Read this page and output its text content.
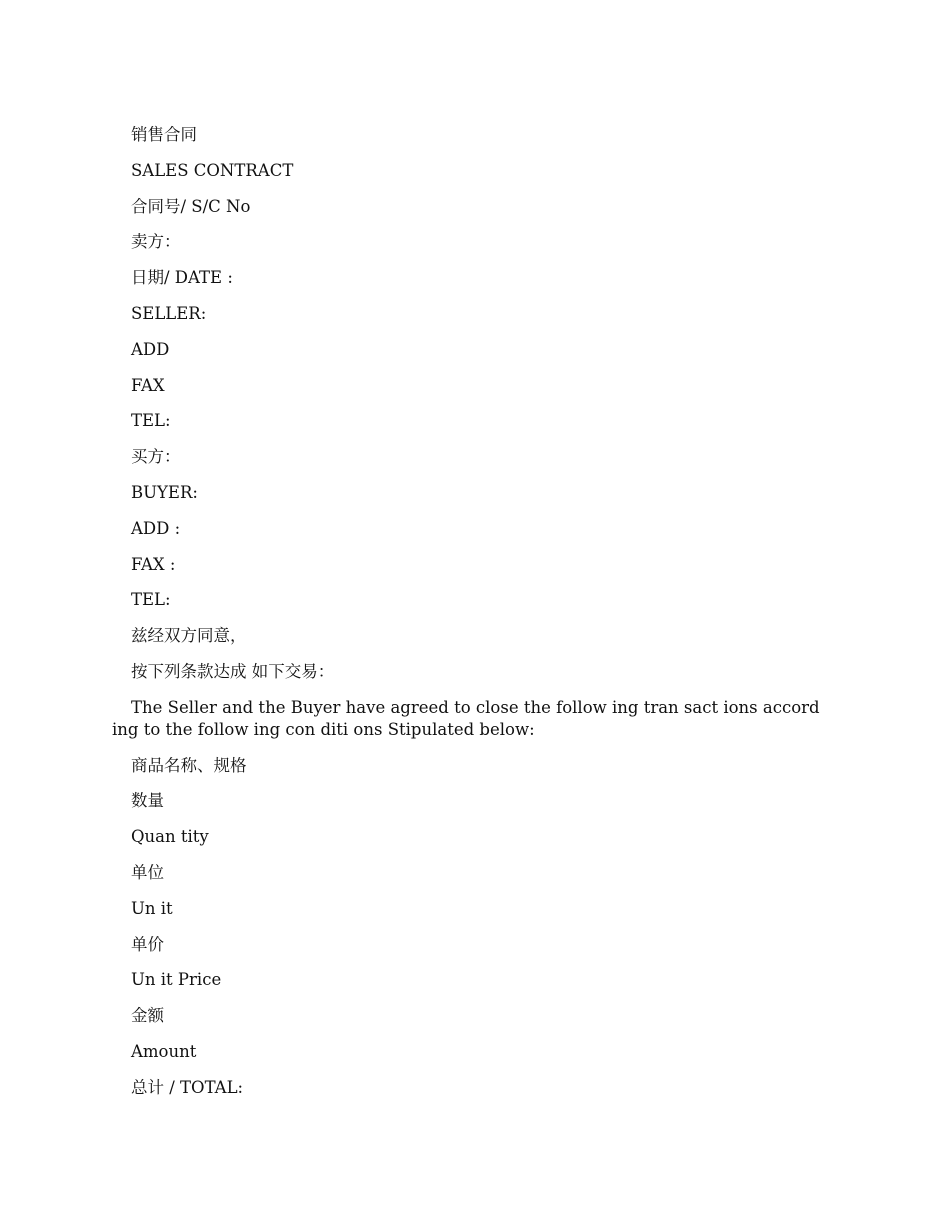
销售合同
SALES CONTRACT
合同号/ S/C No
卖方：
日期/ DATE :
SELLER:
ADD
FAX
TEL:
买方：
BUYER:
ADD :
FAX :
TEL:
兹经双方同意，
按下列条款达成 如下交易：
The Seller and the Buyer have agreed to close the follow ing tran sact ions accord ing to the follow ing con diti ons Stipulated below:
商品名称、规格
数量
Quan tity
单位
Un it
单价
Un it Price
金额
Amount
总计 / TOTAL:
